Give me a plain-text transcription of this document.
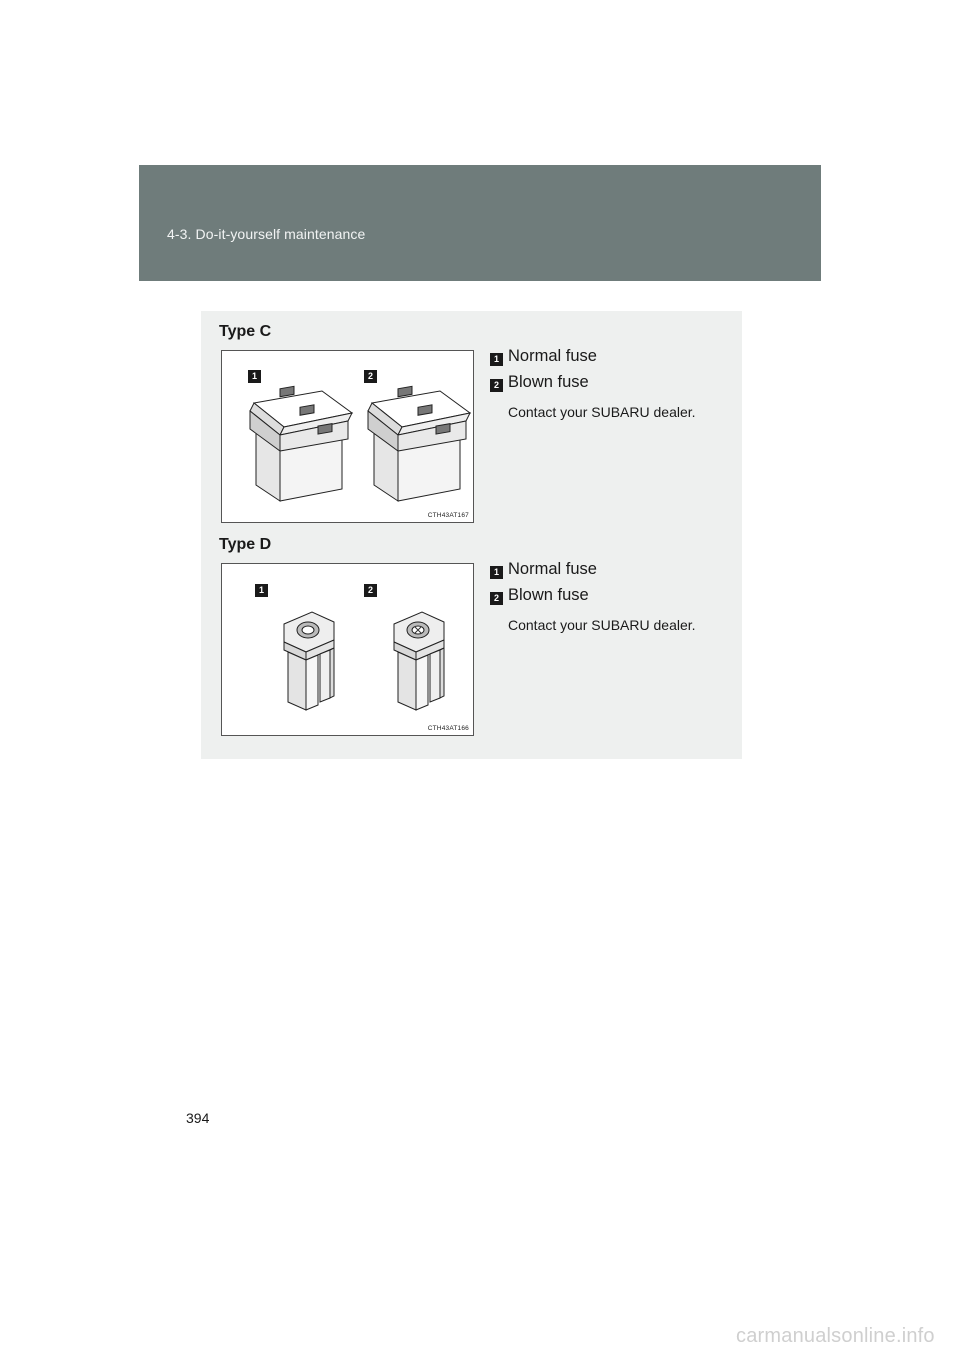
4-3. Do-it-yourself maintenance
Type C
1	2
CTH43AT167
1 Normal fuse
2 Blown fuse
Contact your SUBARU dealer.
Type D
1	2
CTH43AT166
1 Normal fuse
2 Blown fuse
Contact your SUBARU dealer.
394
carmanualsonline.info
